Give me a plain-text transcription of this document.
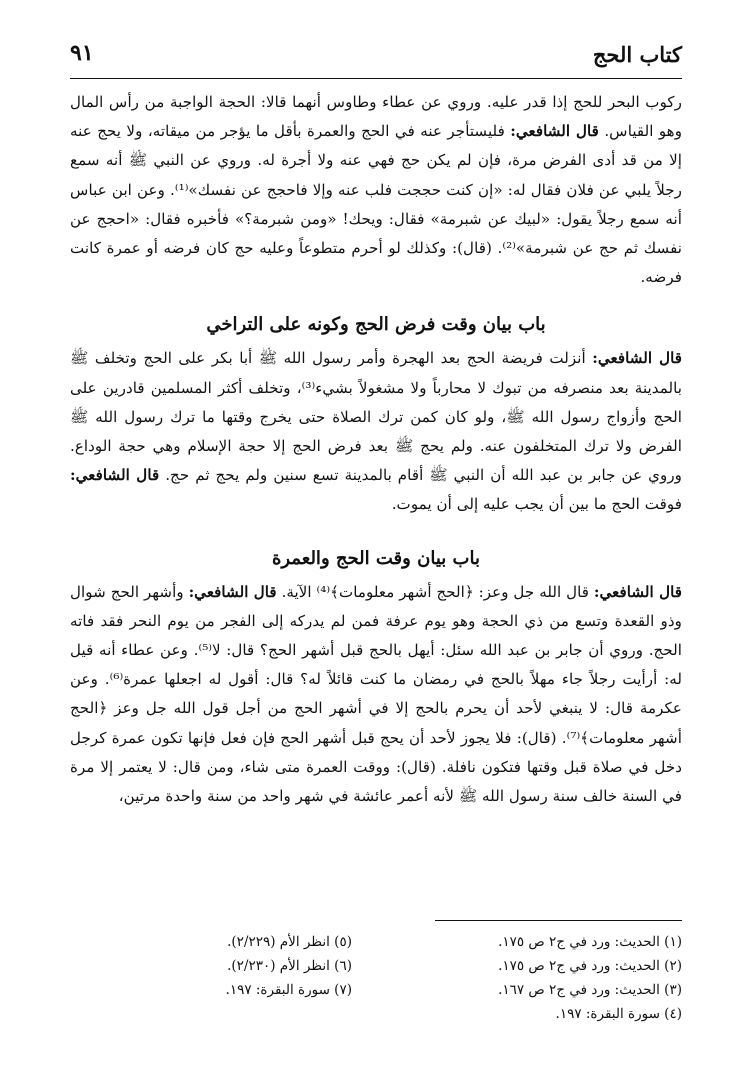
كتاب الحج
٩١

ركوب البحر للحج إذا قدر عليه. وروي عن عطاء وطاوس أنهما قالا: الحجة الواجبة من رأس المال وهو القياس. قال الشافعي: فليستأجر عنه في الحج والعمرة بأقل ما يؤجر من ميقاته، ولا يحج عنه إلا من قد أدى الفرض مرة، فإن لم يكن حج فهي عنه ولا أجرة له. وروي عن النبي ﷺ أنه سمع رجلاً يلبي عن فلان فقال له: «إن كنت حججت فلب عنه وإلا فاحجج عن نفسك»⁽¹⁾. وعن ابن عباس أنه سمع رجلاً يقول: «لبيك عن شبرمة» فقال: ويحك! «ومن شبرمة؟» فأخبره فقال: «احجج عن نفسك ثم حج عن شبرمة»⁽²⁾. (قال): وكذلك لو أحرم متطوعاً وعليه حج كان فرضه أو عمرة كانت فرضه.

باب بيان وقت فرض الحج وكونه على التراخي

قال الشافعي: أنزلت فريضة الحج بعد الهجرة وأمر رسول الله ﷺ أبا بكر على الحج وتخلف ﷺ بالمدينة بعد منصرفه من تبوك لا محارباً ولا مشغولاً بشيء⁽³⁾، وتخلف أكثر المسلمين قادرين على الحج وأزواج رسول الله ﷺ، ولو كان كمن ترك الصلاة حتى يخرج وقتها ما ترك رسول الله ﷺ الفرض ولا ترك المتخلفون عنه. ولم يحج ﷺ بعد فرض الحج إلا حجة الإسلام وهي حجة الوداع. وروي عن جابر بن عبد الله أن النبي ﷺ أقام بالمدينة تسع سنين ولم يحج ثم حج. قال الشافعي: فوقت الحج ما بين أن يجب عليه إلى أن يموت.

باب بيان وقت الحج والعمرة

قال الشافعي: قال الله جل وعز: ﴿الحج أشهر معلومات﴾⁽⁴⁾ الآية. قال الشافعي: وأشهر الحج شوال وذو القعدة وتسع من ذي الحجة وهو يوم عرفة فمن لم يدركه إلى الفجر من يوم النحر فقد فاته الحج. وروي أن جابر بن عبد الله سئل: أيهل بالحج قبل أشهر الحج؟ قال: لا⁽⁵⁾. وعن عطاء أنه قيل له: أرأيت رجلاً جاء مهلاً بالحج في رمضان ما كنت قائلاً له؟ قال: أقول له اجعلها عمرة⁽⁶⁾. وعن عكرمة قال: لا ينبغي لأحد أن يحرم بالحج إلا في أشهر الحج من أجل قول الله جل وعز ﴿الحج أشهر معلومات﴾⁽⁷⁾. (قال): فلا يجوز لأحد أن يحج قبل أشهر الحج فإن فعل فإنها تكون عمرة كرجل دخل في صلاة قبل وقتها فتكون نافلة. (قال): ووقت العمرة متى شاء، ومن قال: لا يعتمر إلا مرة في السنة خالف سنة رسول الله ﷺ لأنه أعمر عائشة في شهر واحد من سنة واحدة مرتين،

(١) الحديث: ورد في ج٢ ص ١٧٥.
(٢) الحديث: ورد في ج٢ ص ١٧٥.
(٣) الحديث: ورد في ج٢ ص ١٦٧.
(٤) سورة البقرة: ١٩٧.
(٥) انظر الأم (٢/٢٢٩).
(٦) انظر الأم (٢/٢٣٠).
(٧) سورة البقرة: ١٩٧.
